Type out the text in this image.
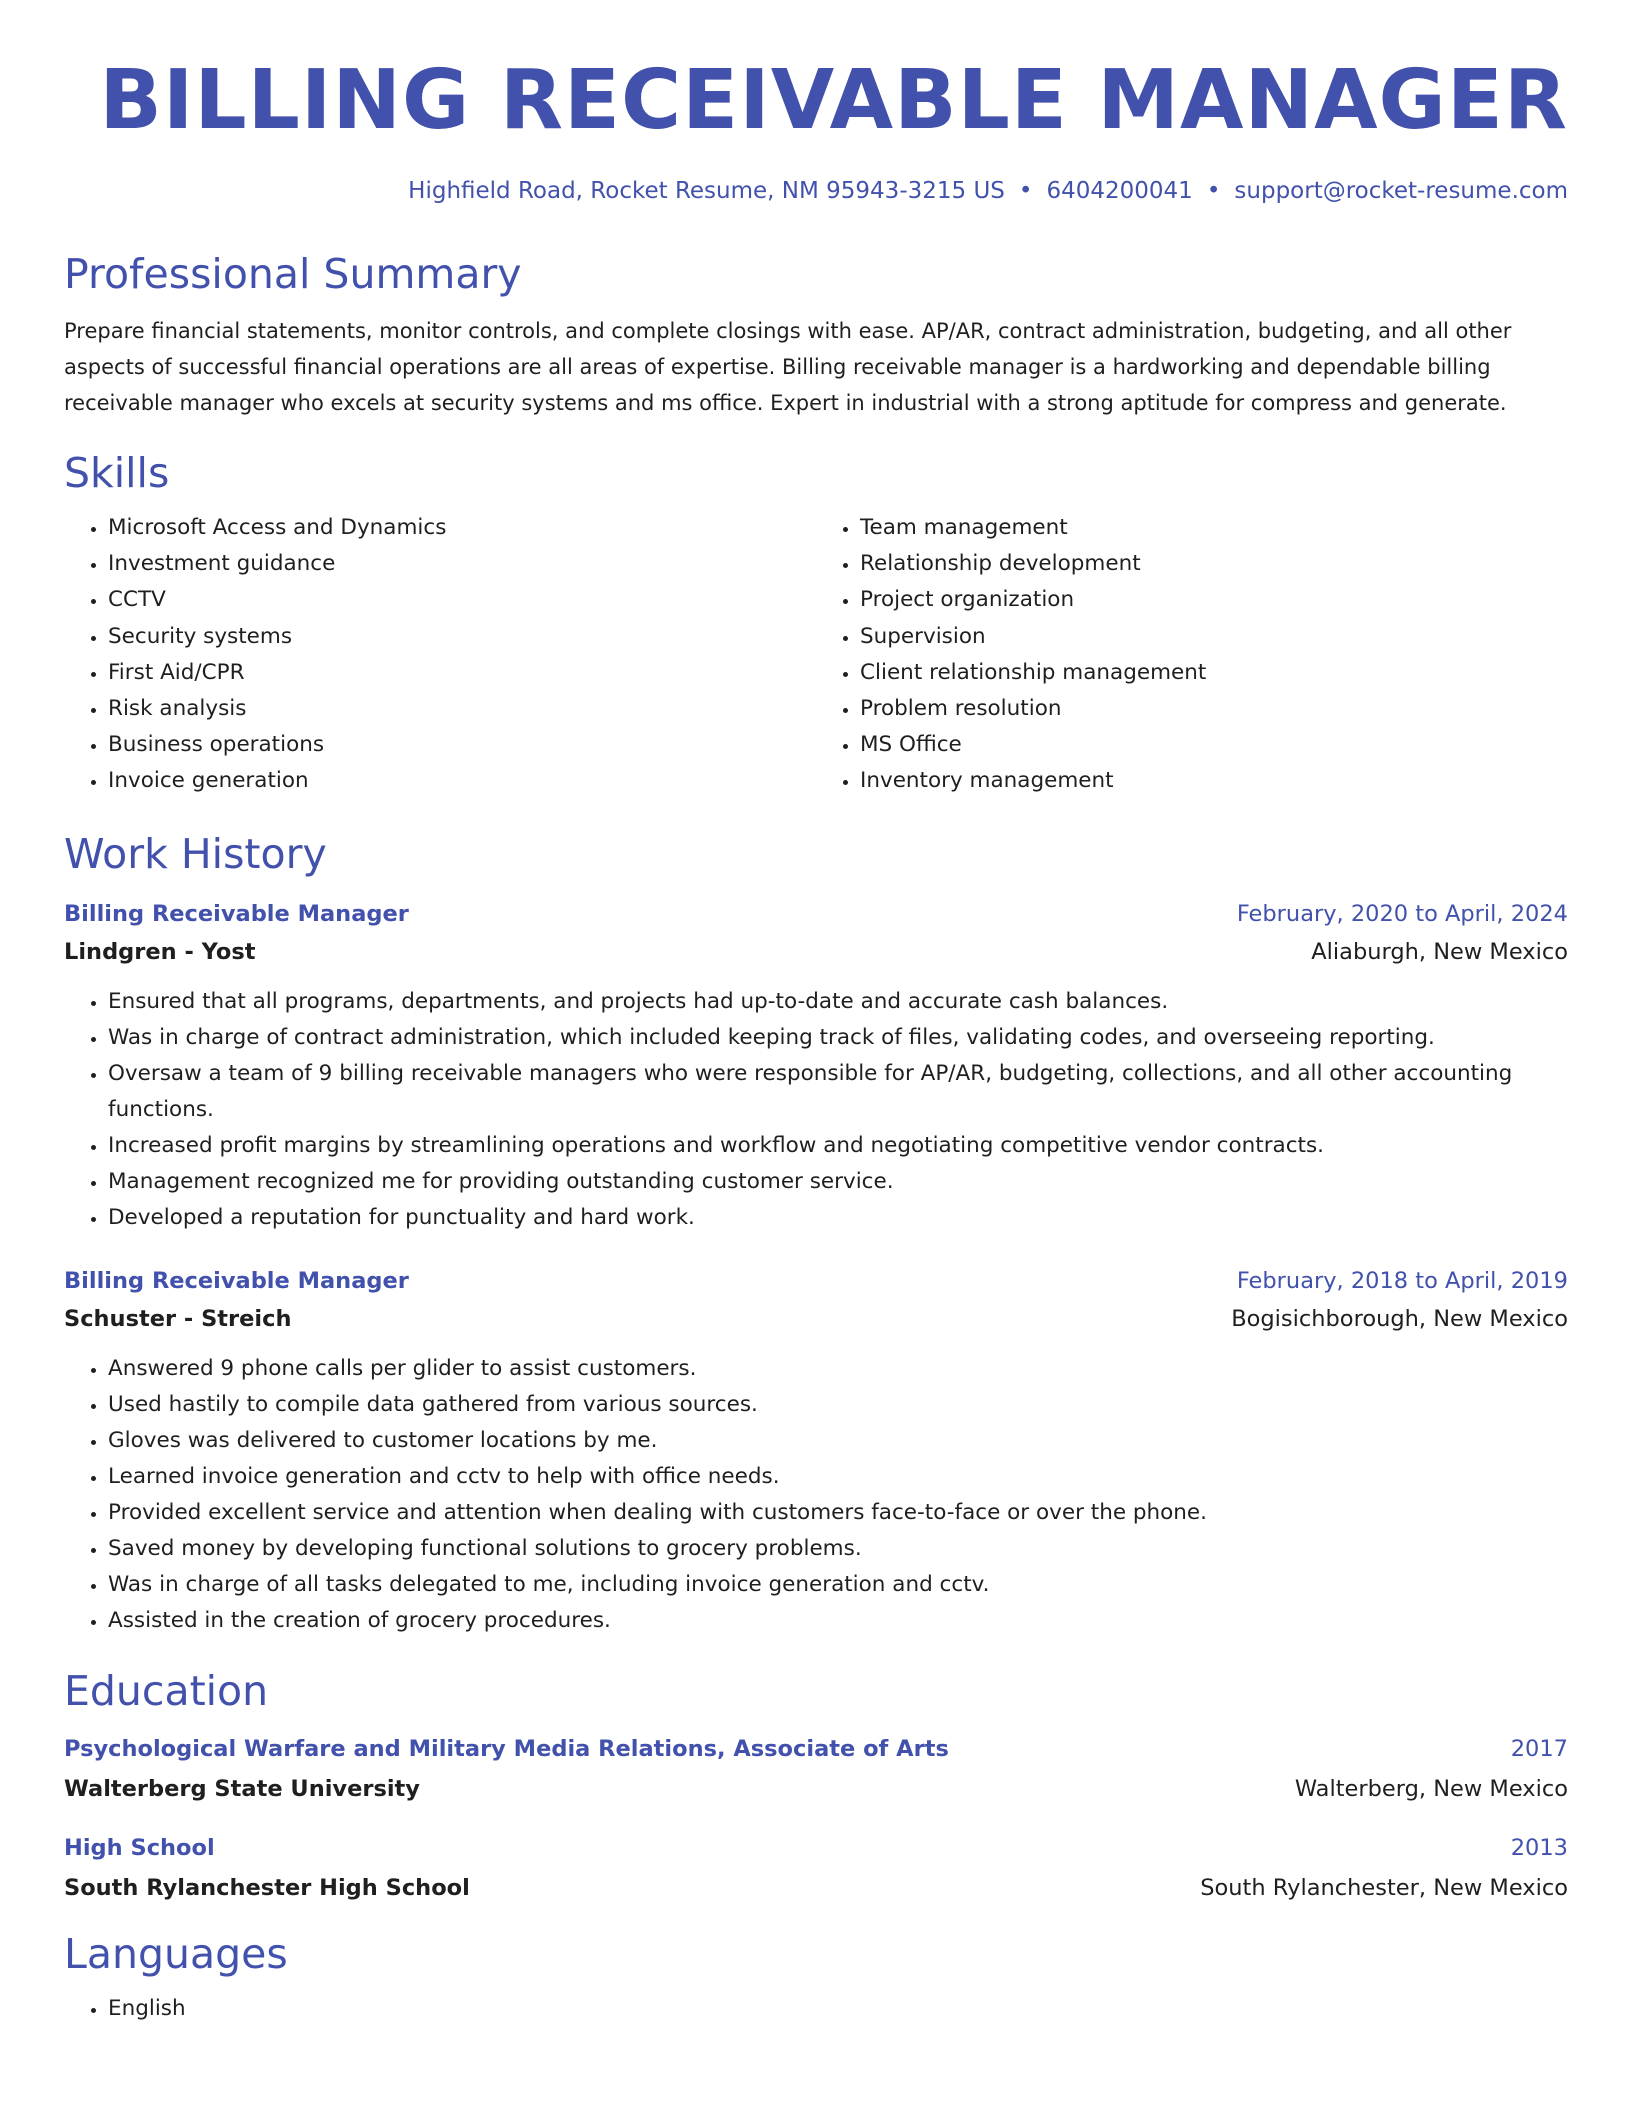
BILLING RECEIVABLE MANAGER
Highfield Road, Rocket Resume, NM 95943-3215 US • 6404200041 • support@rocket-resume.com
Professional Summary
Prepare financial statements, monitor controls, and complete closings with ease. AP/AR, contract administration, budgeting, and all other aspects of successful financial operations are all areas of expertise. Billing receivable manager is a hardworking and dependable billing receivable manager who excels at security systems and ms office. Expert in industrial with a strong aptitude for compress and generate.
Skills
• Microsoft Access and Dynamics
• Investment guidance
• CCTV
• Security systems
• First Aid/CPR
• Risk analysis
• Business operations
• Invoice generation
• Team management
• Relationship development
• Project organization
• Supervision
• Client relationship management
• Problem resolution
• MS Office
• Inventory management
Work History
Billing Receivable Manager	February, 2020 to April, 2024
Lindgren - Yost	Aliaburgh, New Mexico
• Ensured that all programs, departments, and projects had up-to-date and accurate cash balances.
• Was in charge of contract administration, which included keeping track of files, validating codes, and overseeing reporting.
• Oversaw a team of 9 billing receivable managers who were responsible for AP/AR, budgeting, collections, and all other accounting functions.
• Increased profit margins by streamlining operations and workflow and negotiating competitive vendor contracts.
• Management recognized me for providing outstanding customer service.
• Developed a reputation for punctuality and hard work.
Billing Receivable Manager	February, 2018 to April, 2019
Schuster - Streich	Bogisichborough, New Mexico
• Answered 9 phone calls per glider to assist customers.
• Used hastily to compile data gathered from various sources.
• Gloves was delivered to customer locations by me.
• Learned invoice generation and cctv to help with office needs.
• Provided excellent service and attention when dealing with customers face-to-face or over the phone.
• Saved money by developing functional solutions to grocery problems.
• Was in charge of all tasks delegated to me, including invoice generation and cctv.
• Assisted in the creation of grocery procedures.
Education
Psychological Warfare and Military Media Relations, Associate of Arts	2017
Walterberg State University	Walterberg, New Mexico
High School	2013
South Rylanchester High School	South Rylanchester, New Mexico
Languages
• English
